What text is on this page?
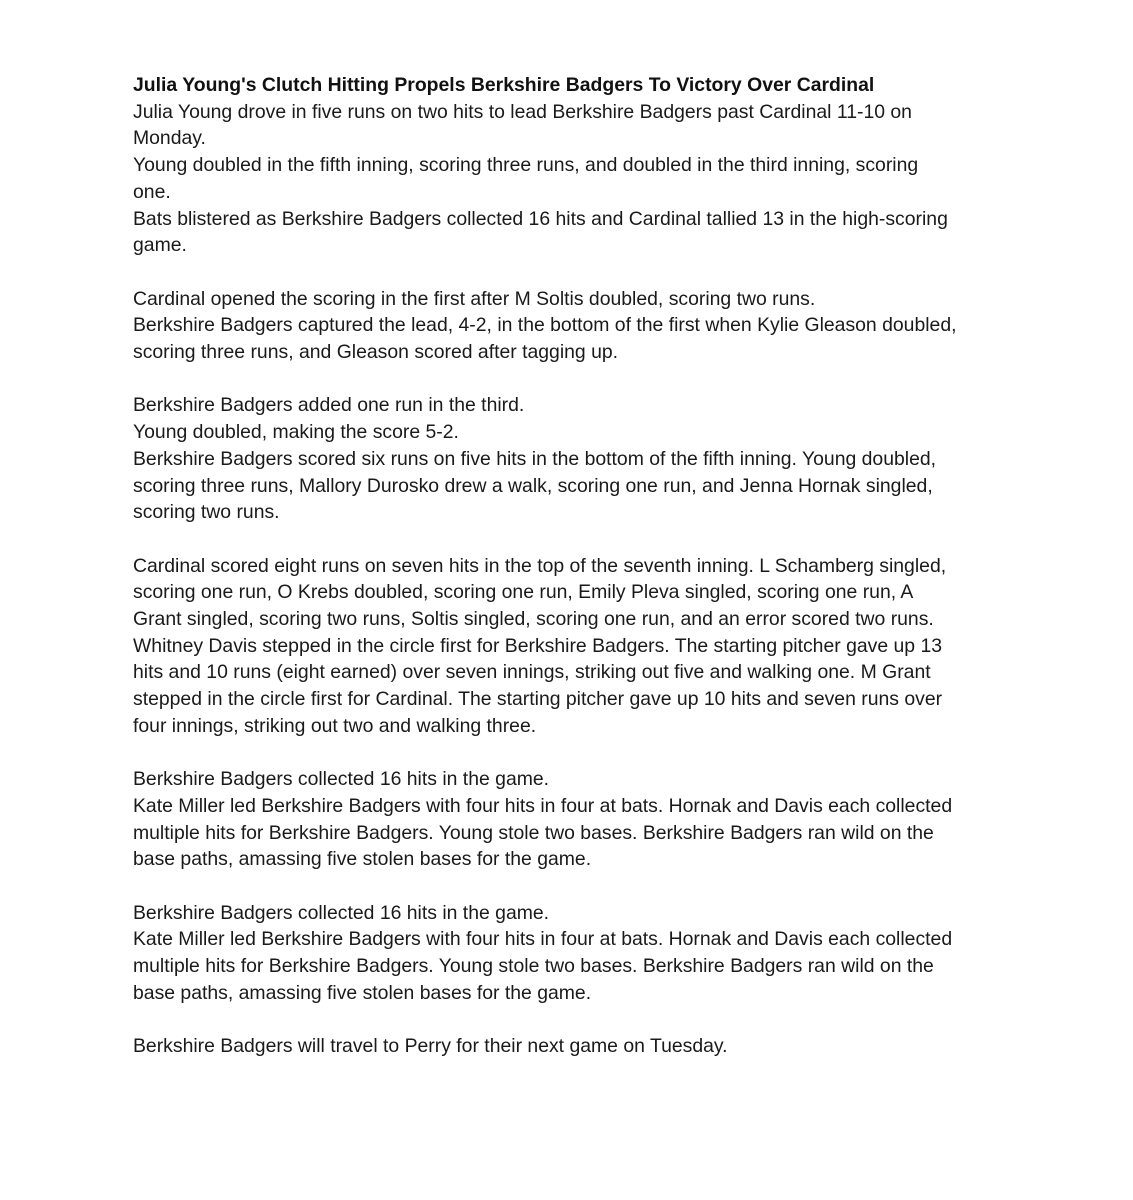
Julia Young's Clutch Hitting Propels Berkshire Badgers To Victory Over Cardinal

Julia Young drove in five runs on two hits to lead Berkshire Badgers past Cardinal 11-10 on

Monday.

Young doubled in the fifth inning, scoring three runs, and doubled in the third inning, scoring

one.

Bats blistered as Berkshire Badgers collected 16 hits and Cardinal tallied 13 in the high-scoring

game.

Cardinal opened the scoring in the first after M Soltis doubled, scoring two runs.

Berkshire Badgers captured the lead, 4-2, in the bottom of the first when Kylie Gleason doubled,

scoring three runs, and Gleason scored after tagging up.

Berkshire Badgers added one run in the third.

Young doubled, making the score 5-2.

Berkshire Badgers scored six runs on five hits in the bottom of the fifth inning. Young doubled,

scoring three runs, Mallory Durosko drew a walk, scoring one run, and Jenna Hornak singled,

scoring two runs.

Cardinal scored eight runs on seven hits in the top of the seventh inning. L Schamberg singled,

scoring one run, O Krebs doubled, scoring one run, Emily Pleva singled, scoring one run, A

Grant singled, scoring two runs, Soltis singled, scoring one run, and an error scored two runs.

Whitney Davis stepped in the circle first for Berkshire Badgers. The starting pitcher gave up 13

hits and 10 runs (eight earned) over seven innings, striking out five and walking one. M Grant

stepped in the circle first for Cardinal. The starting pitcher gave up 10 hits and seven runs over

four innings, striking out two and walking three.

Berkshire Badgers collected 16 hits in the game.

Kate Miller led Berkshire Badgers with four hits in four at bats. Hornak and Davis each collected

multiple hits for Berkshire Badgers. Young stole two bases. Berkshire Badgers ran wild on the

base paths, amassing five stolen bases for the game.

Berkshire Badgers collected 16 hits in the game.

Kate Miller led Berkshire Badgers with four hits in four at bats. Hornak and Davis each collected

multiple hits for Berkshire Badgers. Young stole two bases. Berkshire Badgers ran wild on the

base paths, amassing five stolen bases for the game.

Berkshire Badgers will travel to Perry for their next game on Tuesday.
